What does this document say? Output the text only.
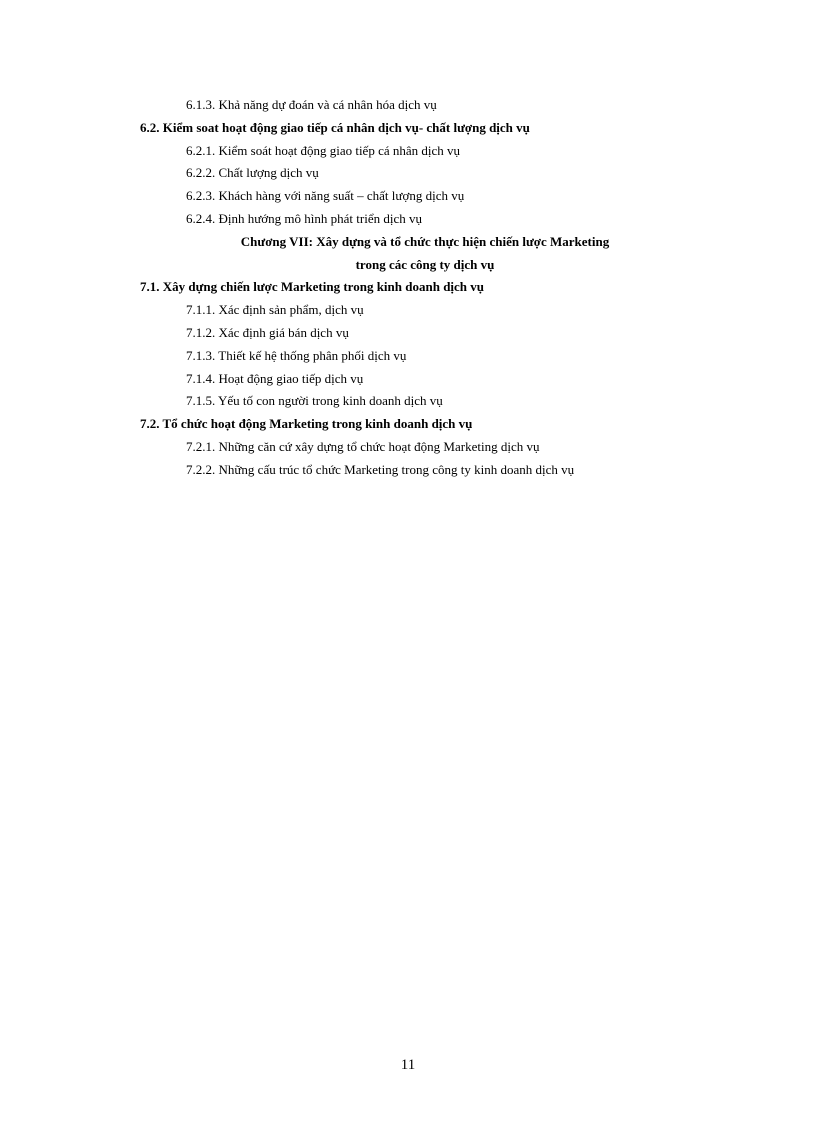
6.1.3. Khả năng dự đoán và cá nhân hóa dịch vụ
6.2. Kiểm soat hoạt động giao tiếp cá nhân dịch vụ- chất lượng dịch vụ
6.2.1. Kiểm soát hoạt động giao tiếp cá nhân dịch vụ
6.2.2. Chất lượng dịch vụ
6.2.3. Khách hàng với năng suất – chất lượng dịch vụ
6.2.4. Định hướng mô hình phát triển dịch vụ
Chương VII: Xây dựng và tổ chức thực hiện chiến lược Marketing
trong các công ty dịch vụ
7.1. Xây dựng chiến lược Marketing trong kinh doanh dịch vụ
7.1.1. Xác định sản phẩm, dịch vụ
7.1.2. Xác định giá bán dịch vụ
7.1.3. Thiết kế hệ thống phân phối dịch vụ
7.1.4. Hoạt động giao tiếp dịch vụ
7.1.5. Yếu tố con người trong kinh doanh dịch vụ
7.2. Tổ chức hoạt động Marketing trong kinh doanh dịch vụ
7.2.1. Những căn cứ xây dựng tổ chức hoạt động Marketing dịch vụ
7.2.2. Những cấu trúc tổ chức Marketing trong công ty kinh doanh dịch vụ
11
